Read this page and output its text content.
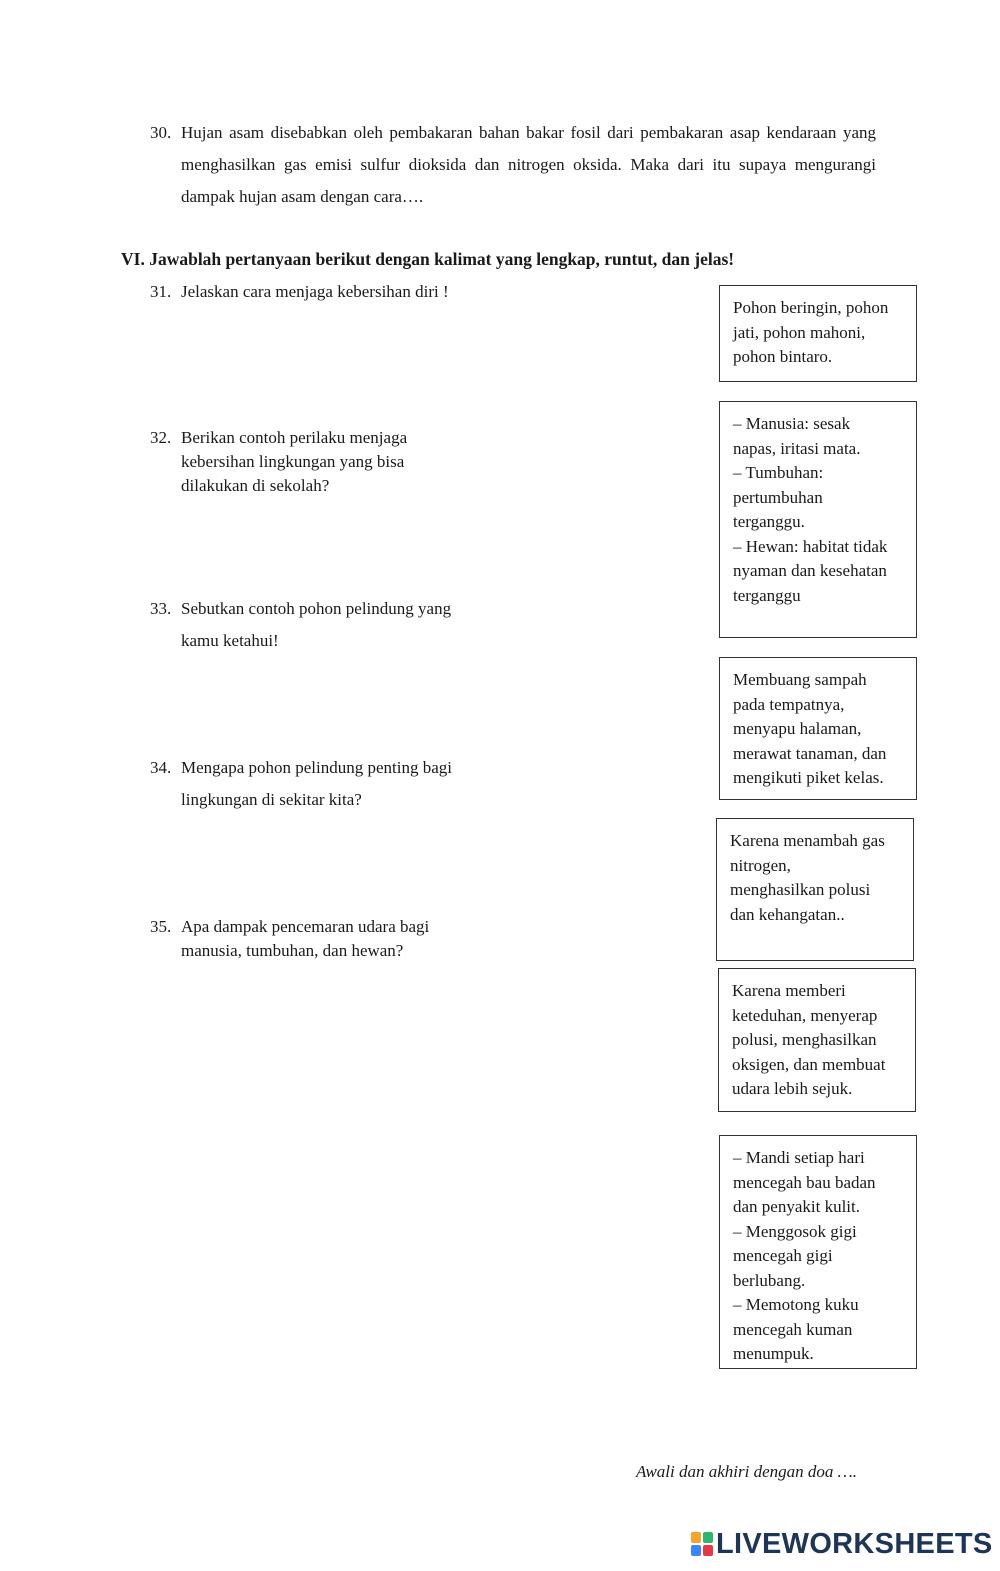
30. Hujan asam disebabkan oleh pembakaran bahan bakar fosil dari pembakaran asap kendaraan yang menghasilkan gas emisi sulfur dioksida dan nitrogen oksida. Maka dari itu supaya mengurangi dampak hujan asam dengan cara….
VI. Jawablah pertanyaan berikut dengan kalimat yang lengkap, runtut, dan jelas!
31. Jelaskan cara menjaga kebersihan diri !
32. Berikan contoh perilaku menjaga
kebersihan lingkungan yang bisa
dilakukan di sekolah?
33. Sebutkan contoh pohon pelindung yang
kamu ketahui!
34. Mengapa pohon pelindung penting bagi
lingkungan di sekitar kita?
35. Apa dampak pencemaran udara bagi
manusia, tumbuhan, dan hewan?
Pohon beringin, pohon
jati, pohon mahoni,
pohon bintaro.
– Manusia: sesak
napas, iritasi mata.
– Tumbuhan:
pertumbuhan
terganggu.
– Hewan: habitat tidak
nyaman dan kesehatan
terganggu
Membuang sampah
pada tempatnya,
menyapu halaman,
merawat tanaman, dan
mengikuti piket kelas.
Karena menambah gas
nitrogen,
menghasilkan polusi
dan kehangatan..
Karena memberi
keteduhan, menyerap
polusi, menghasilkan
oksigen, dan membuat
udara lebih sejuk.
– Mandi setiap hari
mencegah bau badan
dan penyakit kulit.
– Menggosok gigi
mencegah gigi
berlubang.
– Memotong kuku
mencegah kuman
menumpuk.
Awali dan akhiri dengan doa ….
LIVEWORKSHEETS
